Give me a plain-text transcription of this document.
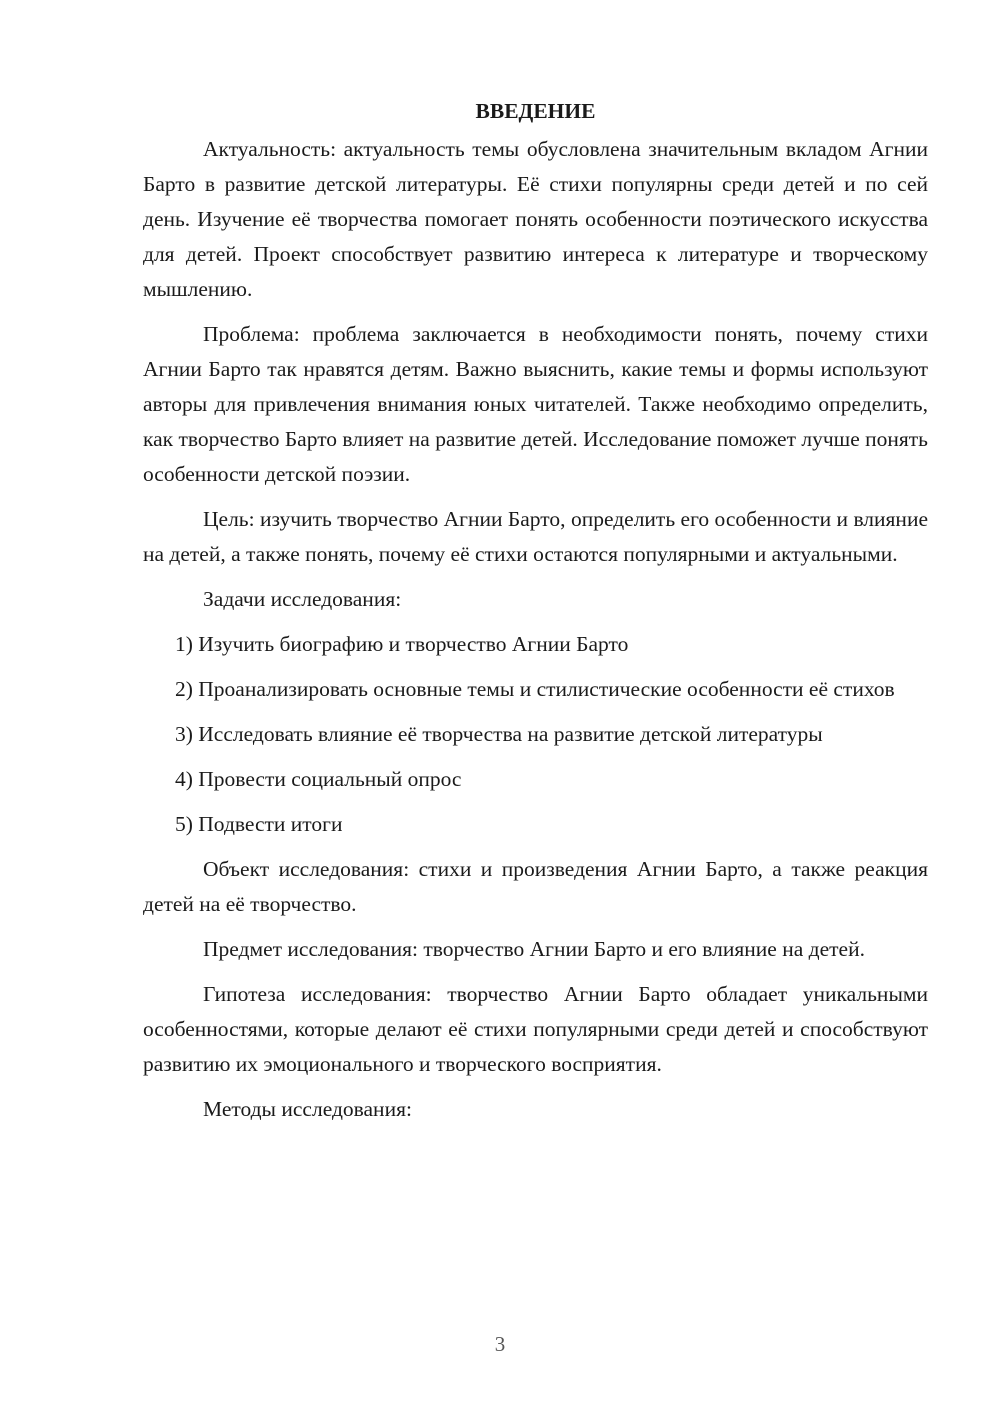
ВВЕДЕНИЕ

Актуальность: актуальность темы обусловлена значительным вкладом Агнии Барто в развитие детской литературы. Её стихи популярны среди детей и по сей день. Изучение её творчества помогает понять особенности поэтического искусства для детей. Проект способствует развитию интереса к литературе и творческому мышлению.

Проблема: проблема заключается в необходимости понять, почему стихи Агнии Барто так нравятся детям. Важно выяснить, какие темы и формы используют авторы для привлечения внимания юных читателей. Также необходимо определить, как творчество Барто влияет на развитие детей. Исследование поможет лучше понять особенности детской поэзии.

Цель: изучить творчество Агнии Барто, определить его особенности и влияние на детей, а также понять, почему её стихи остаются популярными и актуальными.

Задачи исследования:

1) Изучить биографию и творчество Агнии Барто

2) Проанализировать основные темы и стилистические особенности её стихов

3) Исследовать влияние её творчества на развитие детской литературы

4) Провести социальный опрос

5) Подвести итоги

Объект исследования: стихи и произведения Агнии Барто, а также реакция детей на её творчество.

Предмет исследования: творчество Агнии Барто и его влияние на детей.

Гипотеза исследования: творчество Агнии Барто обладает уникальными особенностями, которые делают её стихи популярными среди детей и способствуют развитию их эмоционального и творческого восприятия.

Методы исследования:

3
